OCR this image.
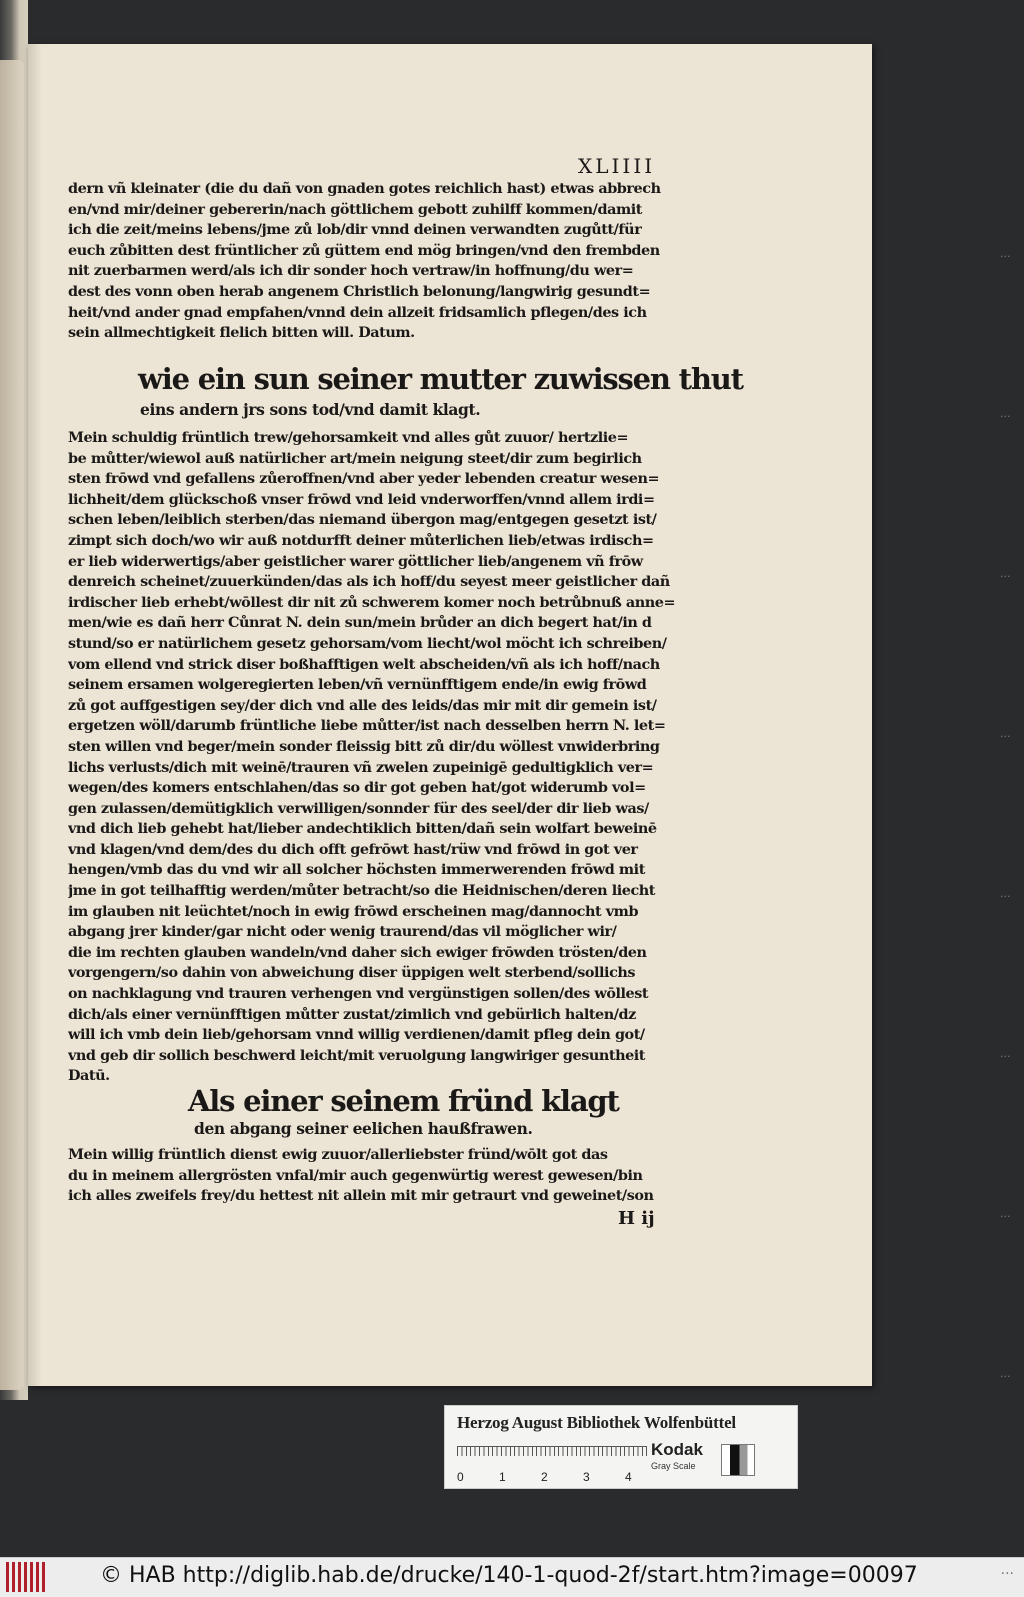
···
···
···
···
···
···
···
···
XLIIII
dern vñ kleinater (die du dañ von gnaden gotes reichlich hast) etwas abbrech
en/vnd mir/deiner gebererin/nach göttlichem gebott zuhilff kommen/damit
ich die zeit/meins lebens/jme zů lob/dir vnnd deinen verwandten zugůtt/für
euch zůbitten dest früntlicher zů güttem end mög bringen/vnd den frembden
nit zuerbarmen werd/als ich dir sonder hoch vertraw/in hoffnung/du wer=
dest des vonn oben herab angenem Christlich belonung/langwirig gesundt=
heit/vnd ander gnad empfahen/vnnd dein allzeit fridsamlich pflegen/des ich
sein allmechtigkeit flelich bitten will. Datum.
wie ein sun seiner mutter zuwissen thut
eins andern jrs sons tod/vnd damit klagt.
Mein schuldig früntlich trew/gehorsamkeit vnd alles gůt zuuor/ hertzlie=
be můtter/wiewol auß natürlicher art/mein neigung steet/dir zum begirlich
sten frōwd vnd gefallens zůeroffnen/vnd aber yeder lebenden creatur wesen=
lichheit/dem glückschoß vnser frōwd vnd leid vnderworffen/vnnd allem irdi=
schen leben/leiblich sterben/das niemand übergon mag/entgegen gesetzt ist/
zimpt sich doch/wo wir auß notdurfft deiner můterlichen lieb/etwas irdisch=
er lieb widerwertigs/aber geistlicher warer göttlicher lieb/angenem vñ frōw
denreich scheinet/zuuerkünden/das als ich hoff/du seyest meer geistlicher dañ
irdischer lieb erhebt/wōllest dir nit zů schwerem komer noch betrůbnuß anne=
men/wie es dañ herr Cůnrat N. dein sun/mein brůder an dich begert hat/in d
stund/so er natürlichem gesetz gehorsam/vom liecht/wol möcht ich schreiben/
vom ellend vnd strick diser boßhafftigen welt abscheiden/vñ als ich hoff/nach
seinem ersamen wolgeregierten leben/vñ vernünfftigem ende/in ewig frōwd
zů got auffgestigen sey/der dich vnd alle des leids/das mir mit dir gemein ist/
ergetzen wöll/darumb früntliche liebe můtter/ist nach desselben herrn N. let=
sten willen vnd beger/mein sonder fleissig bitt zů dir/du wöllest vnwiderbring
lichs verlusts/dich mit weinē/trauren vñ zwelen zupeinigē gedultigklich ver=
wegen/des komers entschlahen/das so dir got geben hat/got widerumb vol=
gen zulassen/demütigklich verwilligen/sonnder für des seel/der dir lieb was/
vnd dich lieb gehebt hat/lieber andechtiklich bitten/dañ sein wolfart beweinē
vnd klagen/vnd dem/des du dich offt gefrōwt hast/rüw vnd frōwd in got ver
hengen/vmb das du vnd wir all solcher höchsten immerwerenden frōwd mit
jme in got teilhafftig werden/můter betracht/so die Heidnischen/deren liecht
im glauben nit leüchtet/noch in ewig frōwd erscheinen mag/dannocht vmb
abgang jrer kinder/gar nicht oder wenig traurend/das vil möglicher wir/
die im rechten glauben wandeln/vnd daher sich ewiger frōwden trösten/den
vorgengern/so dahin von abweichung diser üppigen welt sterbend/sollichs
on nachklagung vnd trauren verhengen vnd vergünstigen sollen/des wōllest
dich/als einer vernünfftigen můtter zustat/zimlich vnd gebürlich halten/dz
will ich vmb dein lieb/gehorsam vnnd willig verdienen/damit pfleg dein got/
vnd geb dir sollich beschwerd leicht/mit veruolgung langwiriger gesuntheit
Datū.
Als einer seinem fründ klagt
den abgang seiner eelichen haußfrawen.
Mein willig früntlich dienst ewig zuuor/allerliebster fründ/wōlt got das
du in meinem allergrösten vnfal/mir auch gegenwürtig werest gewesen/bin
ich alles zweifels frey/du hettest nit allein mit mir getraurt vnd geweinet/son
H ij
Herzog August Bibliothek Wolfenbüttel
0	1	2	3	4
Kodak
Gray Scale
© HAB http://diglib.hab.de/drucke/140-1-quod-2f/start.htm?image=00097	···
